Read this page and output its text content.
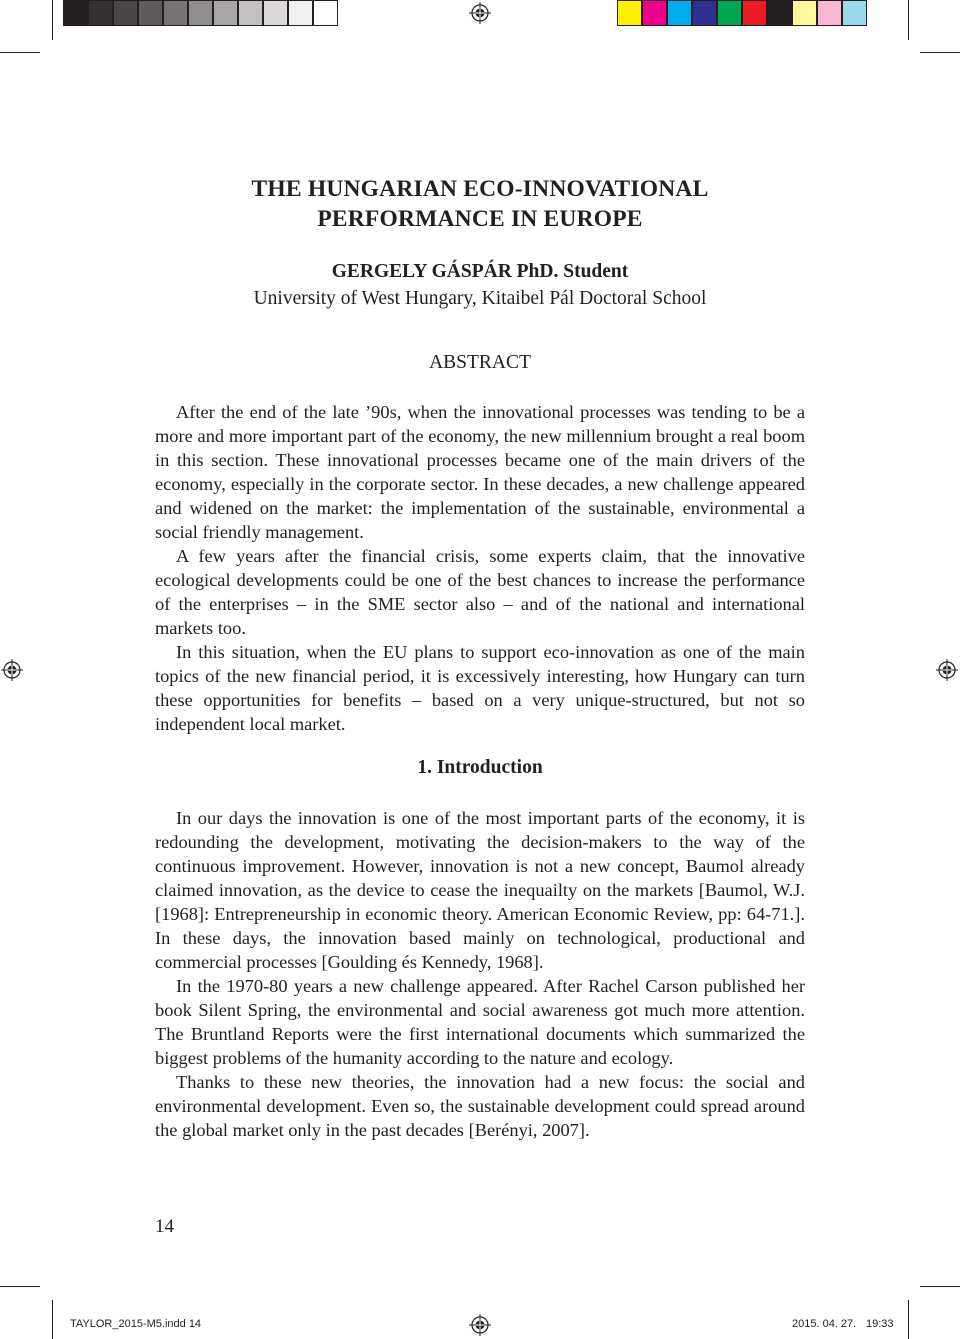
THE HUNGARIAN ECO-INNOVATIONAL
PERFORMANCE IN EUROPE
GERGELY GÁSPÁR PhD. Student
University of West Hungary, Kitaibel Pál Doctoral School
ABSTRACT

After the end of the late ’90s, when the innovational processes was tending to be a more and more important part of the economy, the new millennium brought a real boom in this section. These innovational processes became one of the main drivers of the economy, especially in the corporate sector. In these decades, a new challenge appeared and widened on the market: the implementation of the sustainable, environmental a social friendly management.

A few years after the financial crisis, some experts claim, that the innovative ecological developments could be one of the best chances to increase the performance of the enterprises – in the SME sector also – and of the national and international markets too.

In this situation, when the EU plans to support eco-innovation as one of the main topics of the new financial period, it is excessively interesting, how Hungary can turn these opportunities for benefits – based on a very unique-structured, but not so independent local market.

1. Introduction

In our days the innovation is one of the most important parts of the economy, it is redounding the development, motivating the decision-makers to the way of the continuous improvement. However, innovation is not a new concept, Baumol already claimed innovation, as the device to cease the inequailty on the markets [Baumol, W.J. [1968]: Entrepreneurship in economic theory. American Economic Review, pp: 64-71.]. In these days, the innovation based mainly on technological, productional and commercial processes [Goulding és Kennedy, 1968].

In the 1970-80 years a new challenge appeared. After Rachel Carson published her book Silent Spring, the environmental and social awareness got much more attention. The Bruntland Reports were the first international documents which summarized the biggest problems of the humanity according to the nature and ecology.

Thanks to these new theories, the innovation had a new focus: the social and environmental development. Even so, the sustainable development could spread around the global market only in the past decades [Berényi, 2007].

14
TAYLOR_2015-M5.indd 14	2015. 04. 27. 19:33
